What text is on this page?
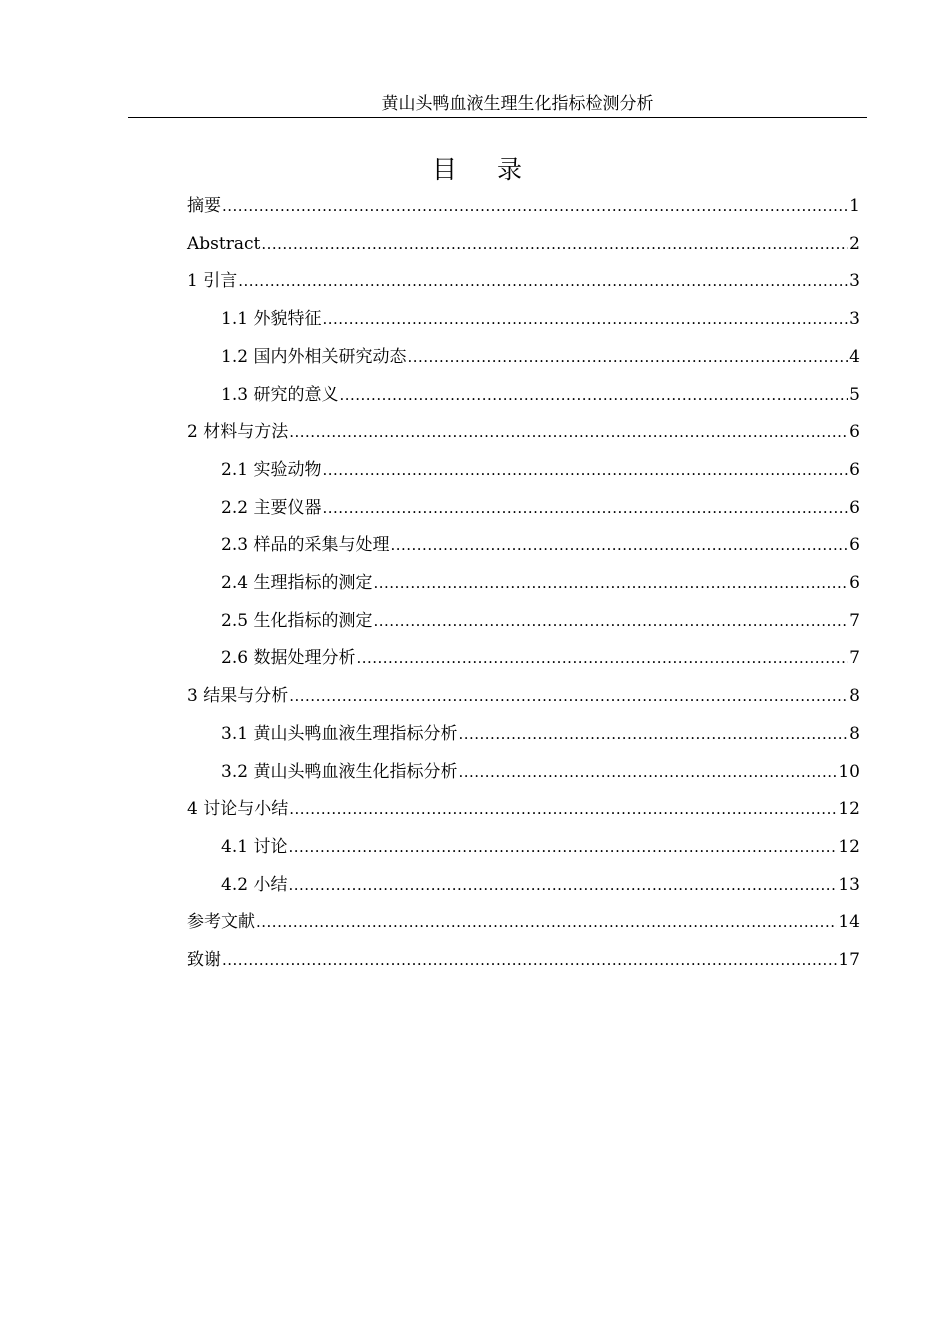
黄山头鸭血液生理生化指标检测分析
目录
摘要 .....	1
Abstract .....	2
1 引言 .....	3
1.1 外貌特征 .....	3
1.2 国内外相关研究动态 .....	4
1.3 研究的意义 .....	5
2 材料与方法 .....	6
2.1 实验动物 .....	6
2.2 主要仪器 .....	6
2.3 样品的采集与处理 .....	6
2.4 生理指标的测定 .....	6
2.5 生化指标的测定 .....	7
2.6 数据处理分析 .....	7
3 结果与分析 .....	8
3.1 黄山头鸭血液生理指标分析 .....	8
3.2 黄山头鸭血液生化指标分析 .....	10
4 讨论与小结 .....	12
4.1 讨论 .....	12
4.2 小结 .....	13
参考文献 .....	14
致谢 .....	17
